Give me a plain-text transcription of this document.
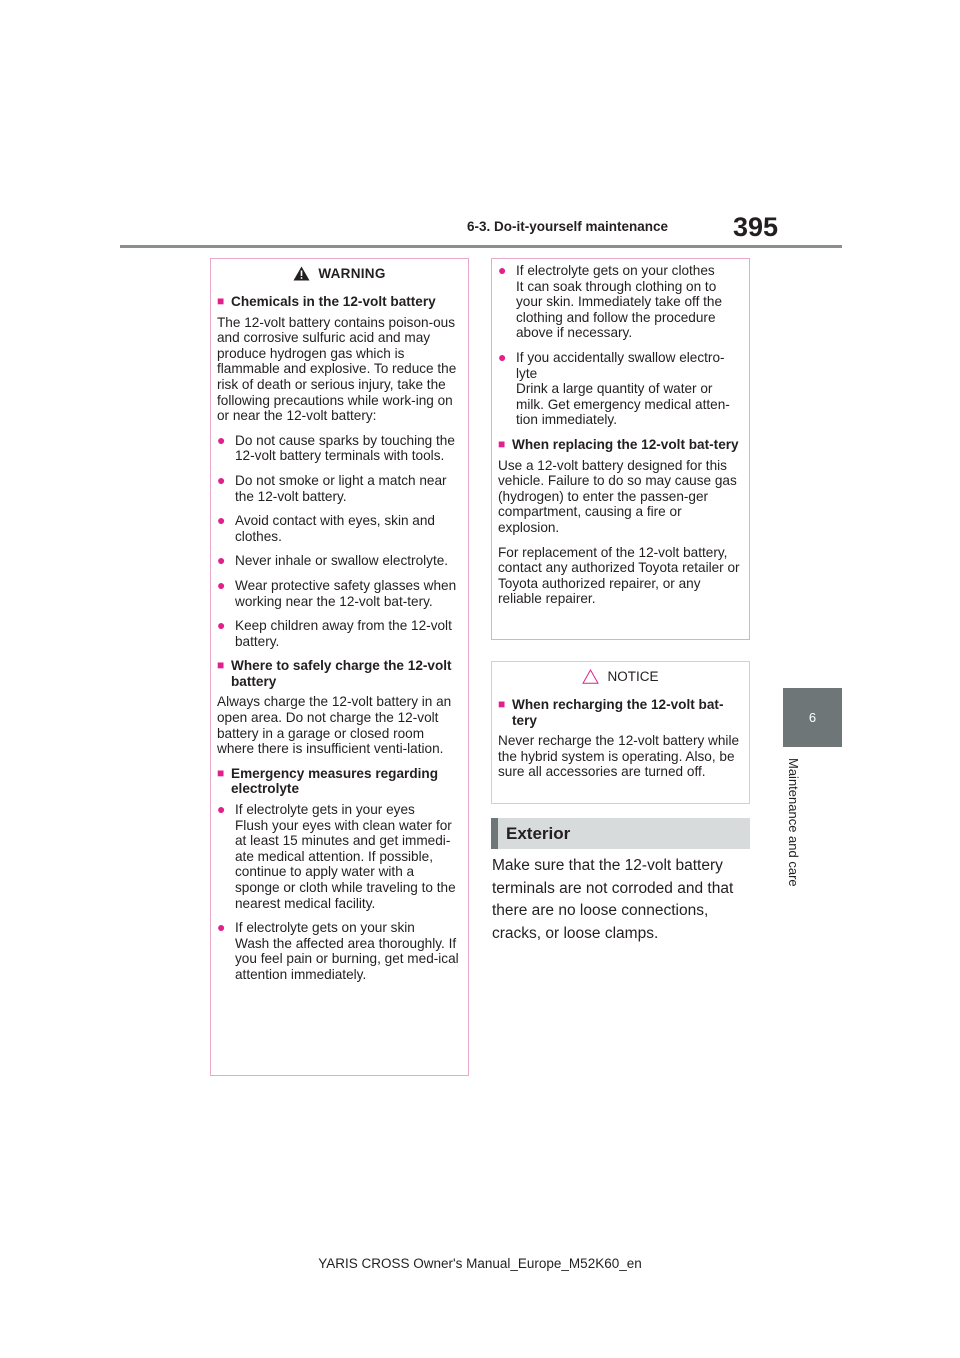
6-3. Do-it-yourself maintenance 395
6
Maintenance and care
WARNING
■ Chemicals in the 12-volt battery

The 12-volt battery contains poison-ous and corrosive sulfuric acid and may produce hydrogen gas which is flammable and explosive. To reduce the risk of death or serious injury, take the following precautions while work-ing on or near the 12-volt battery:

● Do not cause sparks by touching the 12-volt battery terminals with tools.
● Do not smoke or light a match near the 12-volt battery.
● Avoid contact with eyes, skin and clothes.
● Never inhale or swallow electrolyte.
● Wear protective safety glasses when working near the 12-volt bat-tery.
● Keep children away from the 12-volt battery.
■ Where to safely charge the 12-volt battery

Always charge the 12-volt battery in an open area. Do not charge the 12-volt battery in a garage or closed room where there is insufficient venti-lation.

■ Emergency measures regarding electrolyte
● If electrolyte gets in your eyes
Flush your eyes with clean water for at least 15 minutes and get immedi-ate medical attention. If possible, continue to apply water with a sponge or cloth while traveling to the nearest medical facility.
● If electrolyte gets on your skin
Wash the affected area thoroughly. If you feel pain or burning, get med-ical attention immediately.
● If electrolyte gets on your clothes
It can soak through clothing on to your skin. Immediately take off the clothing and follow the procedure above if necessary.
● If you accidentally swallow electro-lyte
Drink a large quantity of water or milk. Get emergency medical atten-tion immediately.
■ When replacing the 12-volt bat-tery

Use a 12-volt battery designed for this vehicle. Failure to do so may cause gas (hydrogen) to enter the passen-ger compartment, causing a fire or explosion.

For replacement of the 12-volt battery, contact any authorized Toyota retailer or Toyota authorized repairer, or any reliable repairer.

NOTICE
■ When recharging the 12-volt bat-tery

Never recharge the 12-volt battery while the hybrid system is operating. Also, be sure all accessories are turned off.

Exterior
Make sure that the 12-volt battery terminals are not corroded and that there are no loose connections, cracks, or loose clamps.
YARIS CROSS Owner's Manual_Europe_M52K60_en
